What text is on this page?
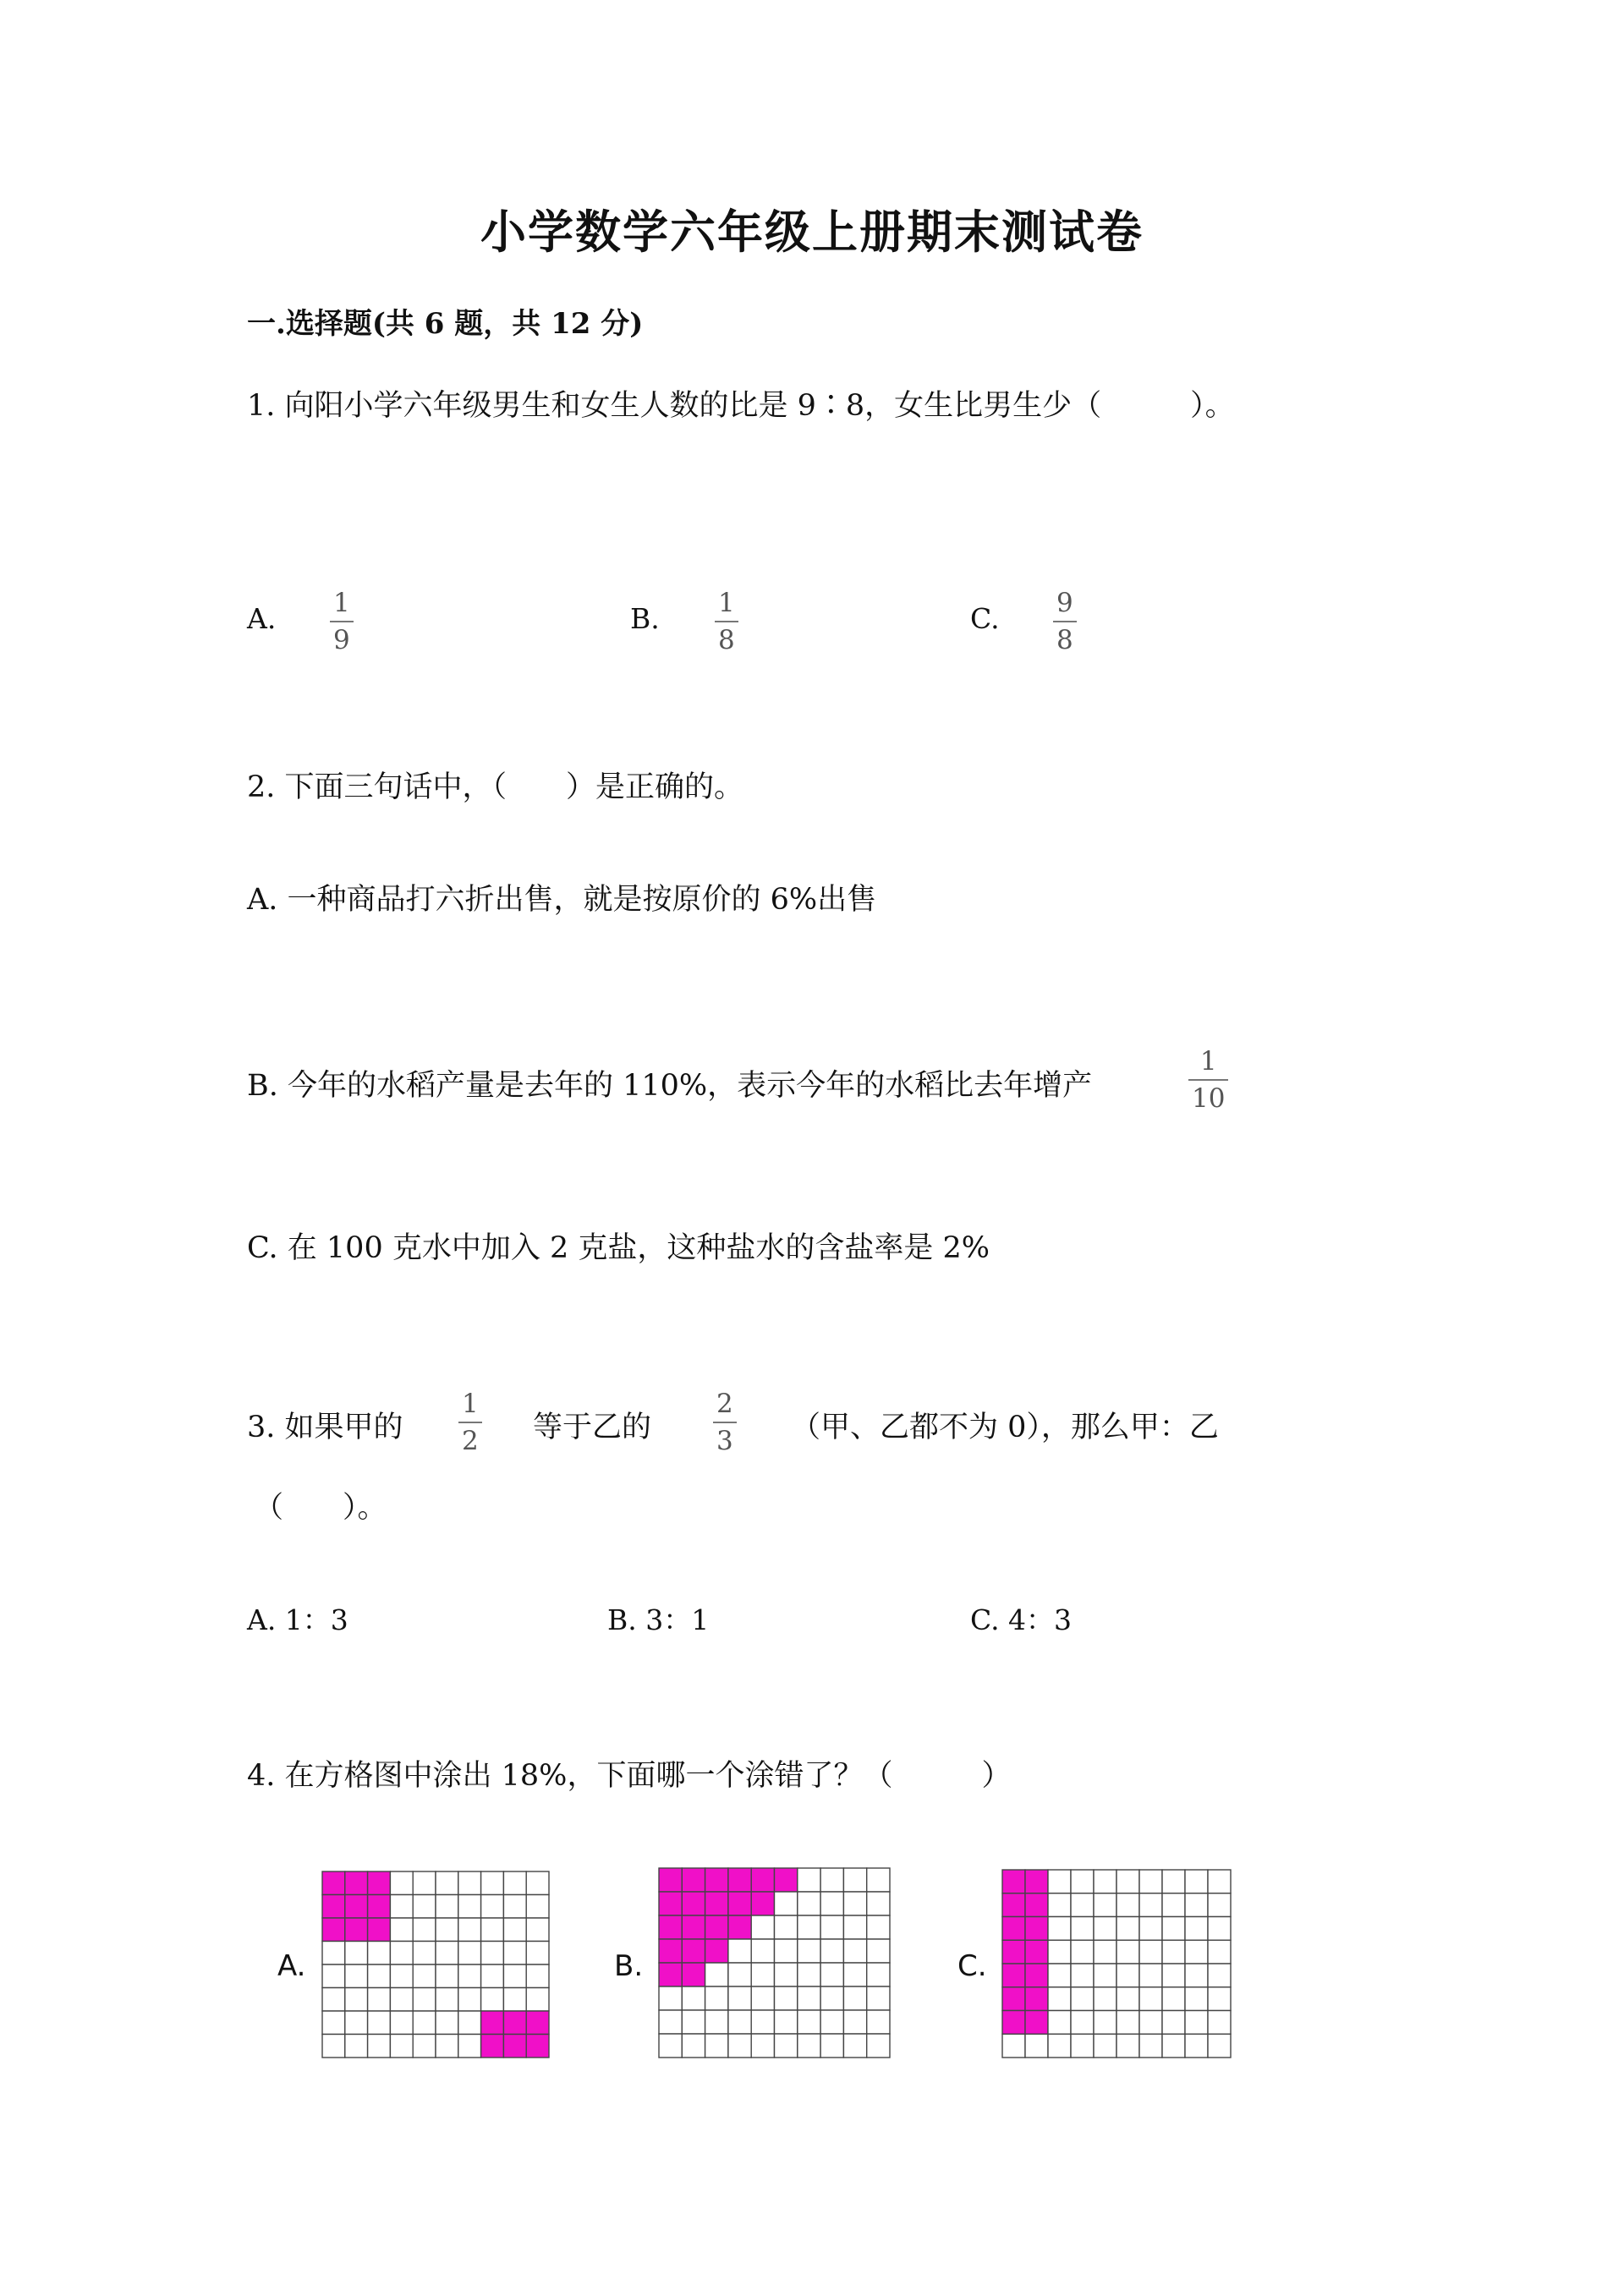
小学数学六年级上册期末测试卷
一.选择题(共 6 题，共 12 分)
1. 向阳小学六年级男生和女生人数的比是 9∶8，女生比男生少（　　　）。
A. 1
9
B. 1
8
C. 9
8
2. 下面三句话中，（　　）是正确的。
A. 一种商品打六折出售，就是按原价的 6%出售
B. 今年的水稻产量是去年的 110%，表示今年的水稻比去年增产
1
10
C. 在 100 克水中加入 2 克盐，这种盐水的含盐率是 2%
3. 如果甲的
1
2 等于乙的
2
3 （甲、乙都不为 0），那么甲：乙
（　　）。
A. 1：3	B. 3：1	C. 4：3
4. 在方格图中涂出 18%，下面哪一个涂错了？（　　　）
A.	B.	C.
